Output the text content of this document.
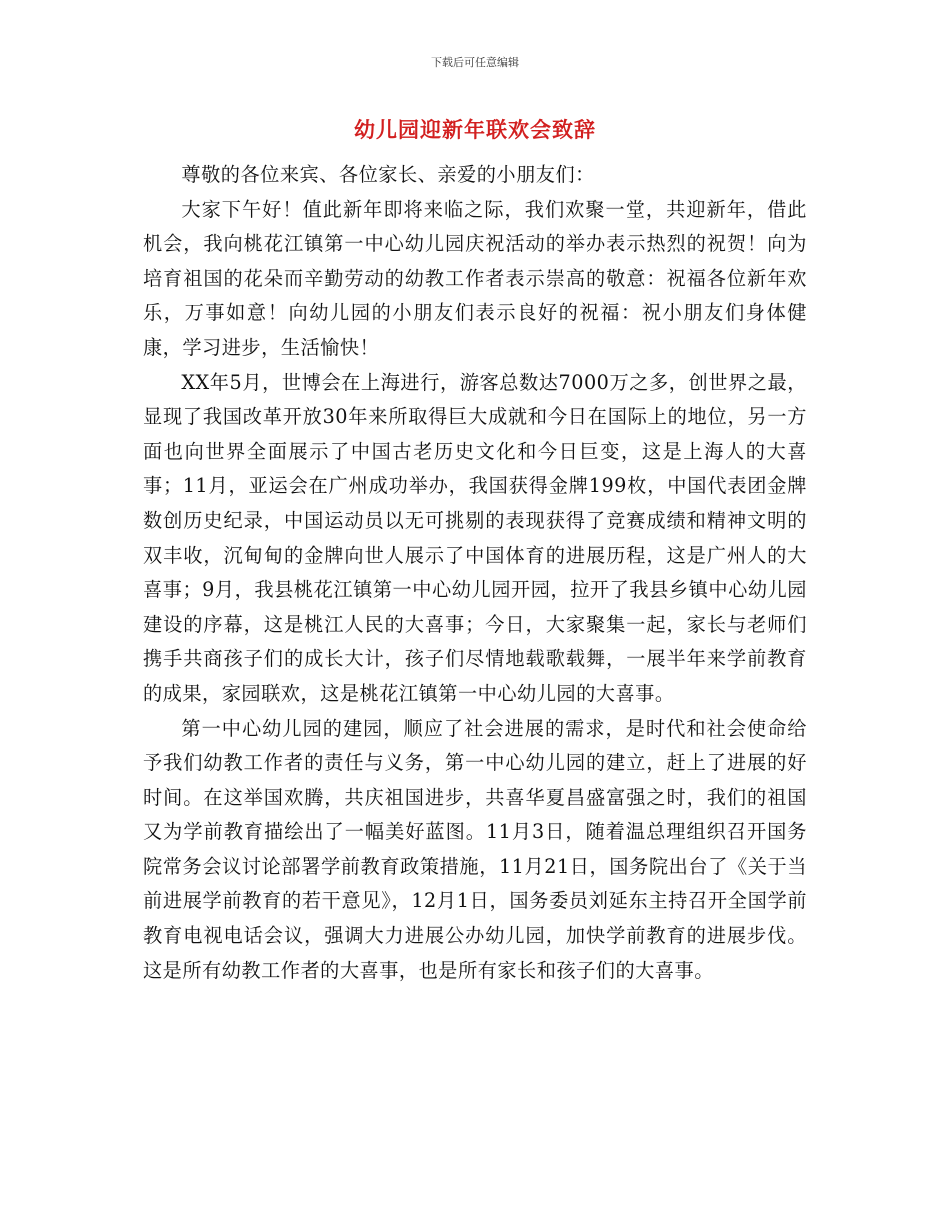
下载后可任意编辑
幼儿园迎新年联欢会致辞

尊敬的各位来宾、各位家长、亲爱的小朋友们：

大家下午好！值此新年即将来临之际，我们欢聚一堂，共迎新年，借此机会，我向桃花江镇第一中心幼儿园庆祝活动的举办表示热烈的祝贺！向为培育祖国的花朵而辛勤劳动的幼教工作者表示崇高的敬意：祝福各位新年欢乐，万事如意！向幼儿园的小朋友们表示良好的祝福：祝小朋友们身体健康，学习进步，生活愉快！

XX年5月，世博会在上海进行，游客总数达7000万之多，创世界之最，显现了我国改革开放30年来所取得巨大成就和今日在国际上的地位，另一方面也向世界全面展示了中国古老历史文化和今日巨变，这是上海人的大喜事；11月，亚运会在广州成功举办，我国获得金牌199枚，中国代表团金牌数创历史纪录，中国运动员以无可挑剔的表现获得了竞赛成绩和精神文明的双丰收，沉甸甸的金牌向世人展示了中国体育的进展历程，这是广州人的大喜事；9月，我县桃花江镇第一中心幼儿园开园，拉开了我县乡镇中心幼儿园建设的序幕，这是桃江人民的大喜事；今日，大家聚集一起，家长与老师们携手共商孩子们的成长大计，孩子们尽情地载歌载舞，一展半年来学前教育的成果，家园联欢，这是桃花江镇第一中心幼儿园的大喜事。

第一中心幼儿园的建园，顺应了社会进展的需求，是时代和社会使命给予我们幼教工作者的责任与义务，第一中心幼儿园的建立，赶上了进展的好时间。在这举国欢腾，共庆祖国进步，共喜华夏昌盛富强之时，我们的祖国又为学前教育描绘出了一幅美好蓝图。11月3日，随着温总理组织召开国务院常务会议讨论部署学前教育政策措施，11月21日，国务院出台了《关于当前进展学前教育的若干意见》，12月1日，国务委员刘延东主持召开全国学前教育电视电话会议，强调大力进展公办幼儿园，加快学前教育的进展步伐。这是所有幼教工作者的大喜事，也是所有家长和孩子们的大喜事。
